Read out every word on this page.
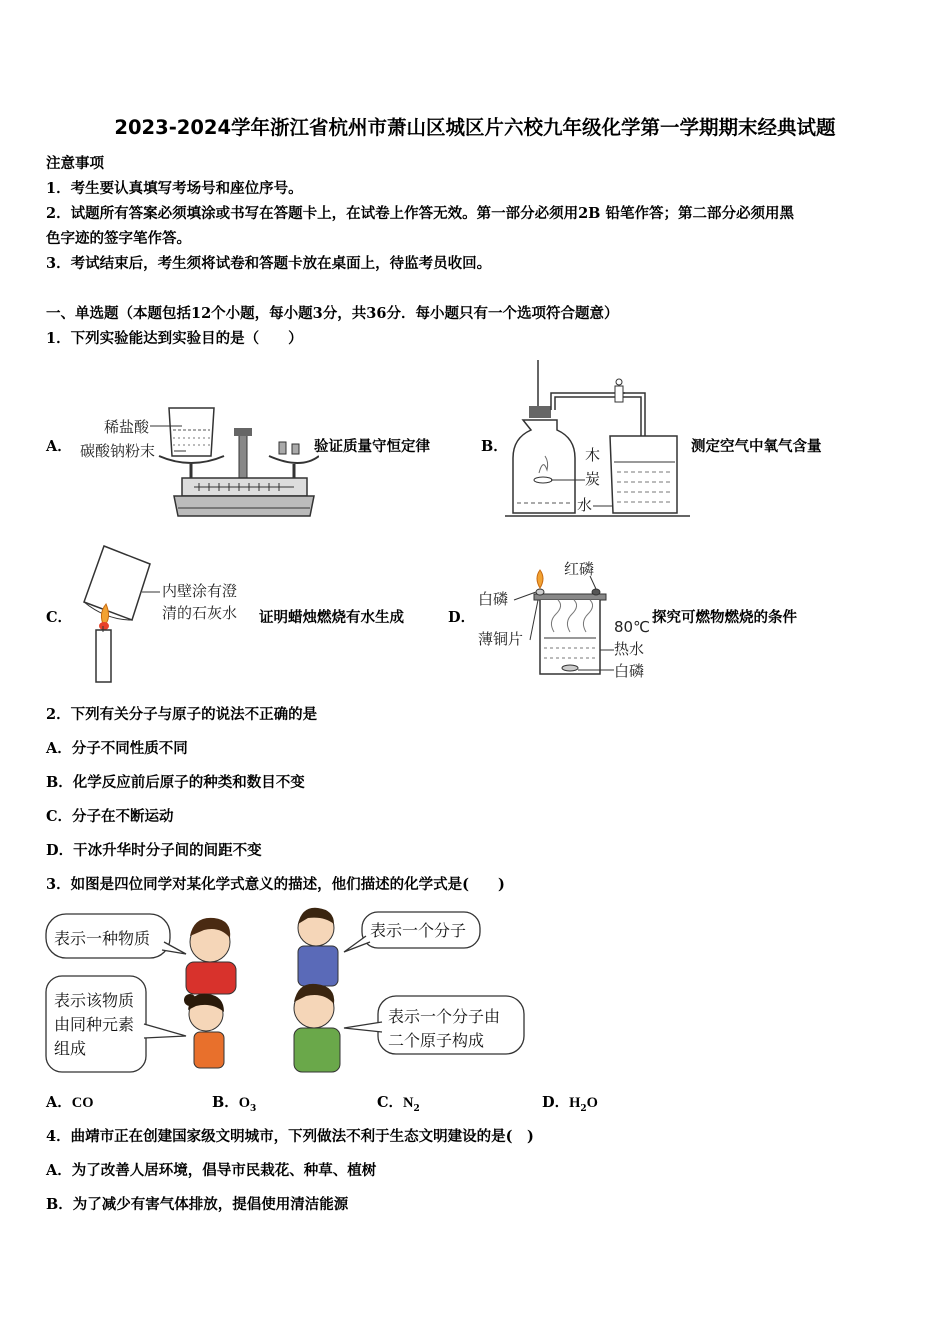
2023-2024学年浙江省杭州市萧山区城区片六校九年级化学第一学期期末经典试题
注意事项
1．考生要认真填写考场号和座位序号。
2．试题所有答案必须填涂或书写在答题卡上，在试卷上作答无效。第一部分必须用2B 铅笔作答；第二部分必须用黑
色字迹的签字笔作答。
3．考试结束后，考生须将试卷和答题卡放在桌面上，待监考员收回。
一、单选题（本题包括12个小题，每小题3分，共36分．每小题只有一个选项符合题意）
1．下列实验能达到实验目的是（　　）
A．
稀盐酸
碳酸钠粉末	验证质量守恒定律	B．	木
炭
水
测定空气中氧气含量
C．
内壁涂有澄
清的石灰水 证明蜡烛燃烧有水生成	D．
红磷
白磷
薄铜片
80℃
热水
白磷
探究可燃物燃烧的条件
2．下列有关分子与原子的说法不正确的是
A．分子不同性质不同
B．化学反应前后原子的种类和数目不变
C．分子在不断运动
D．干冰升华时分子间的间距不变
3．如图是四位同学对某化学式意义的描述，他们描述的化学式是(　　)
表示一种物质	表示一个分子
表示该物质
由同种元素
组成
表示一个分子由
二个原子构成
A．CO	B．$O_3$	C．$N_2$	D．$H_2O$
4．曲靖市正在创建国家级文明城市，下列做法不利于生态文明建设的是(　)
A．为了改善人居环境，倡导市民栽花、种草、植树
B．为了减少有害气体排放，提倡使用清洁能源
